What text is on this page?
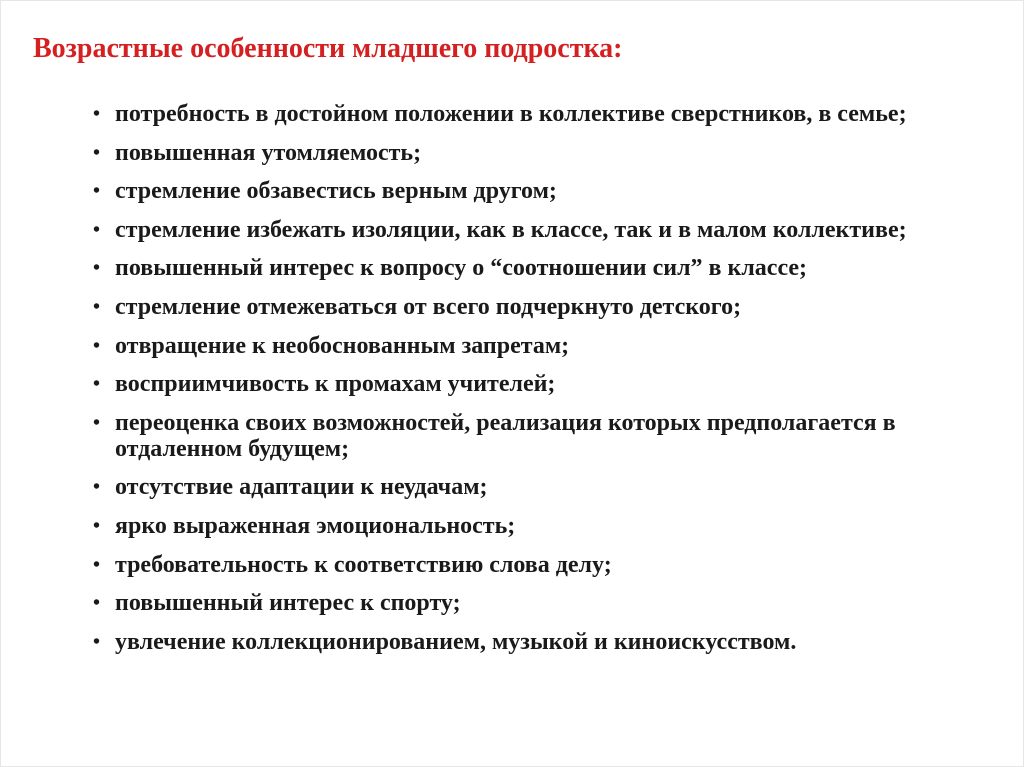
Возрастные особенности младшего подростка:
• потребность в достойном положении в коллективе сверстников, в семье;
• повышенная утомляемость;
• стремление обзавестись верным другом;
• стремление избежать изоляции, как в классе, так и в малом коллективе;
• повышенный интерес к вопросу о “соотношении сил” в классе;
• стремление отмежеваться от всего подчеркнуто детского;
• отвращение к необоснованным запретам;
• восприимчивость к промахам учителей;
• переоценка своих возможностей, реализация которых предполагается в отдаленном будущем;
• отсутствие адаптации к неудачам;
• ярко выраженная эмоциональность;
• требовательность к соответствию слова делу;
• повышенный интерес к спорту;
• увлечение коллекционированием, музыкой и киноискусством.
